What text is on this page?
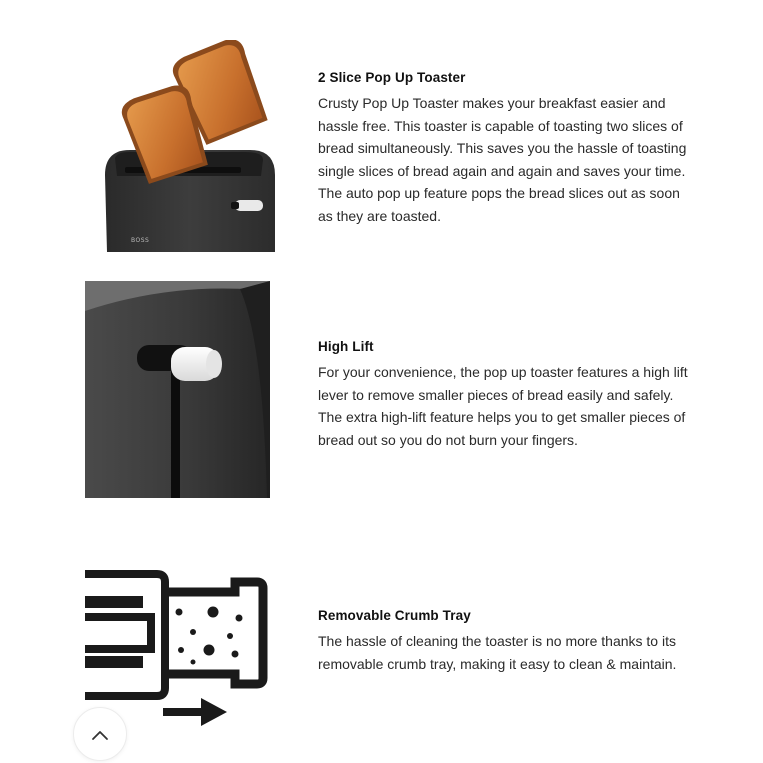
BOSS
2 Slice Pop Up Toaster

Crusty Pop Up Toaster makes your breakfast easier and hassle free. This toaster is capable of toasting two slices of bread simultaneously. This saves you the hassle of toasting single slices of bread again and again and saves your time. The auto pop up feature pops the bread slices out as soon as they are toasted.

High Lift

For your convenience, the pop up toaster features a high lift lever to remove smaller pieces of bread easily and safely. The extra high-lift feature helps you to get smaller pieces of bread out so you do not burn your fingers.

Removable Crumb Tray

The hassle of cleaning the toaster is no more thanks to its removable crumb tray, making it easy to clean & maintain.
